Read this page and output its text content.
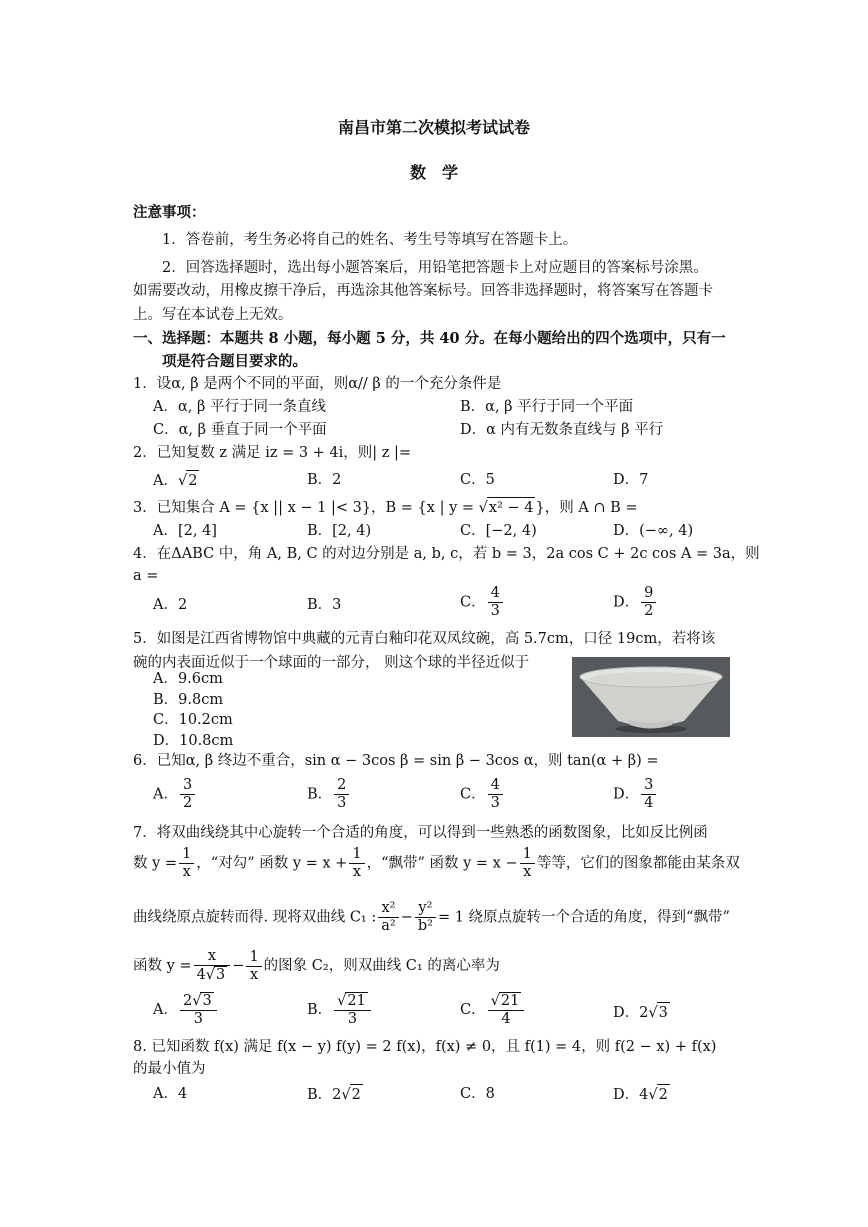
南昌市第二次模拟考试试卷
数　学
注意事项：
1．答卷前，考生务必将自己的姓名、考生号等填写在答题卡上。
2．回答选择题时，选出每小题答案后，用铅笔把答题卡上对应题目的答案标号涂黑。
如需要改动，用橡皮擦干净后，再选涂其他答案标号。回答非选择题时，将答案写在答题卡
上。写在本试卷上无效。
一、选择题：本题共 8 小题，每小题 5 分，共 40 分。在每小题给出的四个选项中，只有一
项是符合题目要求的。
1．设α, β 是两个不同的平面，则α// β 的一个充分条件是
A．α, β 平行于同一条直线	B．α, β 平行于同一个平面
C．α, β 垂直于同一个平面	D．α 内有无数条直线与 β 平行
2．已知复数 z 满足 iz = 3 + 4i，则| z |=
A．√2	B．2	C．5	D．7
3．已知集合 A = {x || x − 1 |< 3}，B = {x | y = √x² − 4 }，则 A ∩ B =
A．[2, 4]	B．[2, 4)	C．[−2, 4)	D．(−∞, 4)
4．在ΔABC 中，角 A, B, C 的对边分别是 a, b, c，若 b = 3，2a cos C + 2c cos A = 3a，则
a =
A．2	B．3	C． $\frac{4}{3}$	D． $\frac{9}{2}$
5．如图是江西省博物馆中典藏的元青白釉印花双凤纹碗，高 5.7cm，口径 19cm，若将该
碗的内表面近似于一个球面的一部分， 则这个球的半径近似于
A．9.6cm
B．9.8cm
C．10.2cm
D．10.8cm
6．已知α, β 终边不重合，sin α − 3cos β = sin β − 3cos α，则 tan(α + β) =
A． $\frac{3}{2}$	B． $\frac{2}{3}$	C． $\frac{4}{3}$	D． $\frac{3}{4}$
7．将双曲线绕其中心旋转一个合适的角度，可以得到一些熟悉的函数图象，比如反比例函
数 $y = \frac{1}{x}$ ，“对勾” 函数 $y = x + \frac{1}{x}$ ，“飘带” 函数 $y = x - \frac{1}{x}$ 等等，它们的图象都能由某条双
曲线绕原点旋转而得. 现将双曲线 C₁ : $\frac{\text{x²}}{\text{a²}} - \frac{\text{y²}}{\text{b²}} = 1$ 绕原点旋转一个合适的角度，得到“飘带”
函数 $y = \frac{x}{4√3} - \frac{1}{x}$ 的图象 C₂，则双曲线 C₁ 的离心率为
A． $\frac{2√3}{3}$	B． $\frac{√21}{3}$	C． $\frac{√21}{4}$	D．2√3
8. 已知函数 f(x) 满足 f(x − y) f(y) = 2 f(x)，f(x) ≠ 0，且 f(1) = 4，则 f(2 − x) + f(x)
的最小值为
A．4	B．2√2	C．8	D．4√2
